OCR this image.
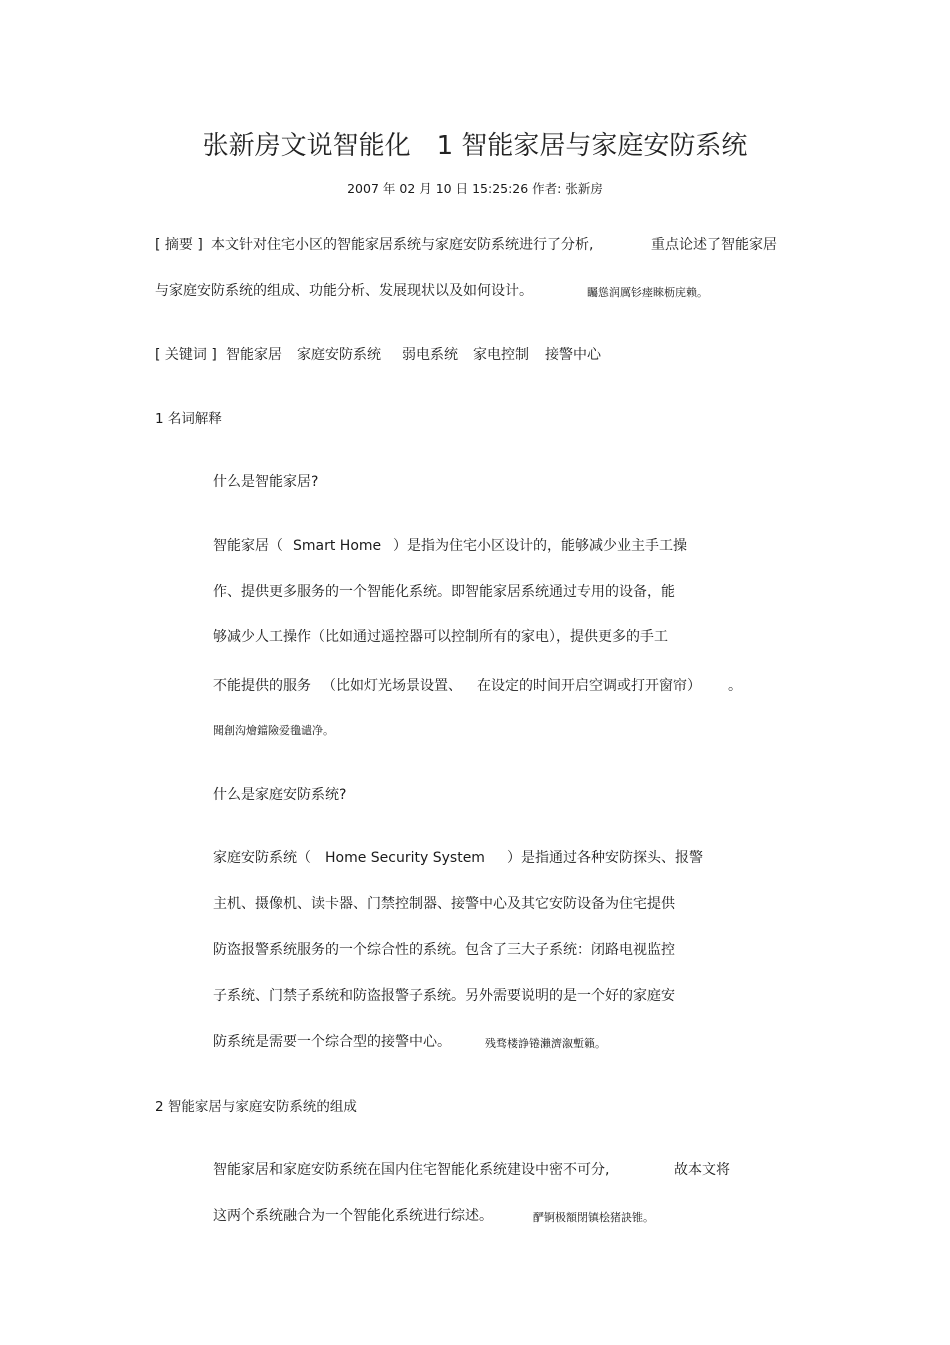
张新房文说智能化　1 智能家居与家庭安防系统
2007 年 02 月 10 日 15:25:26 作者: 张新房
[ 摘要 ] 本文针对住宅小区的智能家居系统与家庭安防系统进行了分析,	重点论述了智能家居
与家庭安防系统的组成、功能分析、发展现状以及如何设计。	矚慫润厲钐瘗睞枥庑赖。
[ 关键词 ] 智能家居 家庭安防系统 弱电系统 家电控制 接警中心
1 名词解释
什么是智能家居?
智能家居（ Smart Home ）是指为住宅小区设计的，能够减少业主手工操
作、提供更多服务的一个智能化系统。即智能家居系统通过专用的设备，能
够减少人工操作（比如通过遥控器可以控制所有的家电），提供更多的手工
不能提供的服务 （比如灯光场景设置、 在设定的时间开启空调或打开窗帘） 。
聞創沟燴鐺險爱氇谴净。
什么是家庭安防系统?
家庭安防系统（ Home Security System ）是指通过各种安防探头、报警
主机、摄像机、读卡器、门禁控制器、接警中心及其它安防设备为住宅提供
防盗报警系统服务的一个综合性的系统。包含了三大子系统：闭路电视监控
子系统、门禁子系统和防盗报警子系统。另外需要说明的是一个好的家庭安
防系统是需要一个综合型的接警中心。	残骛楼諍锩瀨濟溆塹籟。
2 智能家居与家庭安防系统的组成
智能家居和家庭安防系统在国内住宅智能化系统建设中密不可分,	故本文将
这两个系统融合为一个智能化系统进行综述。	酽锕极額閉镇桧猪訣锥。
